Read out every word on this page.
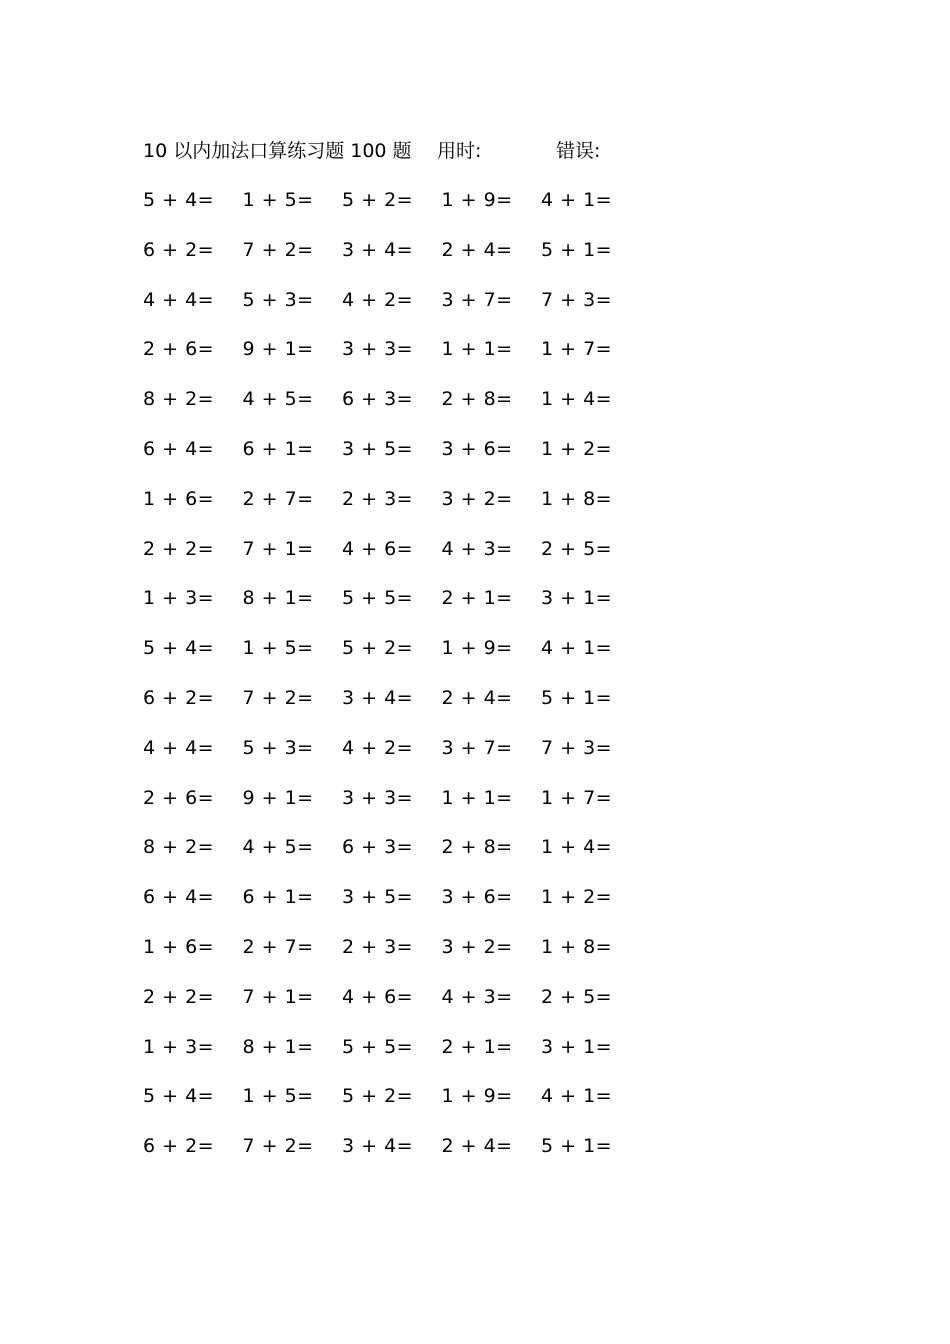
10 以内加法口算练习题 100 题 用时:	错误:
5 + 4=	1 + 5=	5 + 2=	1 + 9=	4 + 1=
6 + 2=	7 + 2=	3 + 4=	2 + 4=	5 + 1=
4 + 4=	5 + 3=	4 + 2=	3 + 7=	7 + 3=
2 + 6=	9 + 1=	3 + 3=	1 + 1=	1 + 7=
8 + 2=	4 + 5=	6 + 3=	2 + 8=	1 + 4=
6 + 4=	6 + 1=	3 + 5=	3 + 6=	1 + 2=
1 + 6=	2 + 7=	2 + 3=	3 + 2=	1 + 8=
2 + 2=	7 + 1=	4 + 6=	4 + 3=	2 + 5=
1 + 3=	8 + 1=	5 + 5=	2 + 1=	3 + 1=
5 + 4=	1 + 5=	5 + 2=	1 + 9=	4 + 1=
6 + 2=	7 + 2=	3 + 4=	2 + 4=	5 + 1=
4 + 4=	5 + 3=	4 + 2=	3 + 7=	7 + 3=
2 + 6=	9 + 1=	3 + 3=	1 + 1=	1 + 7=
8 + 2=	4 + 5=	6 + 3=	2 + 8=	1 + 4=
6 + 4=	6 + 1=	3 + 5=	3 + 6=	1 + 2=
1 + 6=	2 + 7=	2 + 3=	3 + 2=	1 + 8=
2 + 2=	7 + 1=	4 + 6=	4 + 3=	2 + 5=
1 + 3=	8 + 1=	5 + 5=	2 + 1=	3 + 1=
5 + 4=	1 + 5=	5 + 2=	1 + 9=	4 + 1=
6 + 2=	7 + 2=	3 + 4=	2 + 4=	5 + 1=
